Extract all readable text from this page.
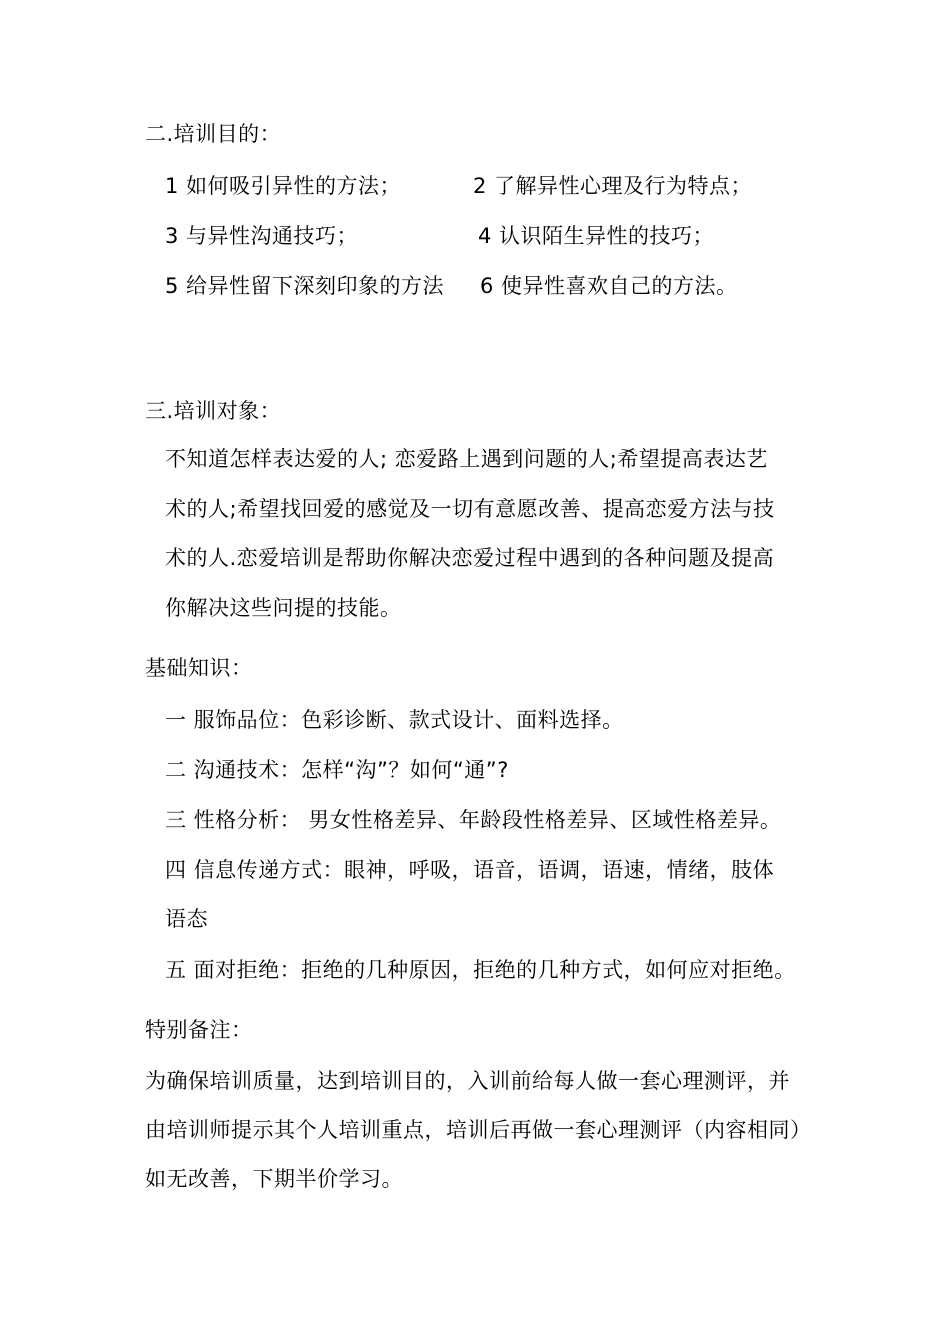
二.培训目的：
1 如何吸引异性的方法；	2 了解异性心理及行为特点；
3 与异性沟通技巧；	4 认识陌生异性的技巧；
5 给异性留下深刻印象的方法 6 使异性喜欢自己的方法。
三.培训对象：
不知道怎样表达爱的人; 恋爱路上遇到问题的人;希望提高表达艺
术的人;希望找回爱的感觉及一切有意愿改善、提高恋爱方法与技
术的人.恋爱培训是帮助你解决恋爱过程中遇到的各种问题及提高
你解决这些问提的技能。
基础知识：
一 服饰品位：色彩诊断、款式设计、面料选择。
二 沟通技术：怎样“沟”？如何“通”?
三 性格分析： 男女性格差异、年龄段性格差异、区域性格差异。
四 信息传递方式：眼神，呼吸，语音，语调，语速，情绪，肢体
语态
五 面对拒绝：拒绝的几种原因，拒绝的几种方式，如何应对拒绝。
特别备注：
为确保培训质量，达到培训目的，入训前给每人做一套心理测评，并
由培训师提示其个人培训重点，培训后再做一套心理测评（内容相同）
如无改善，下期半价学习。
